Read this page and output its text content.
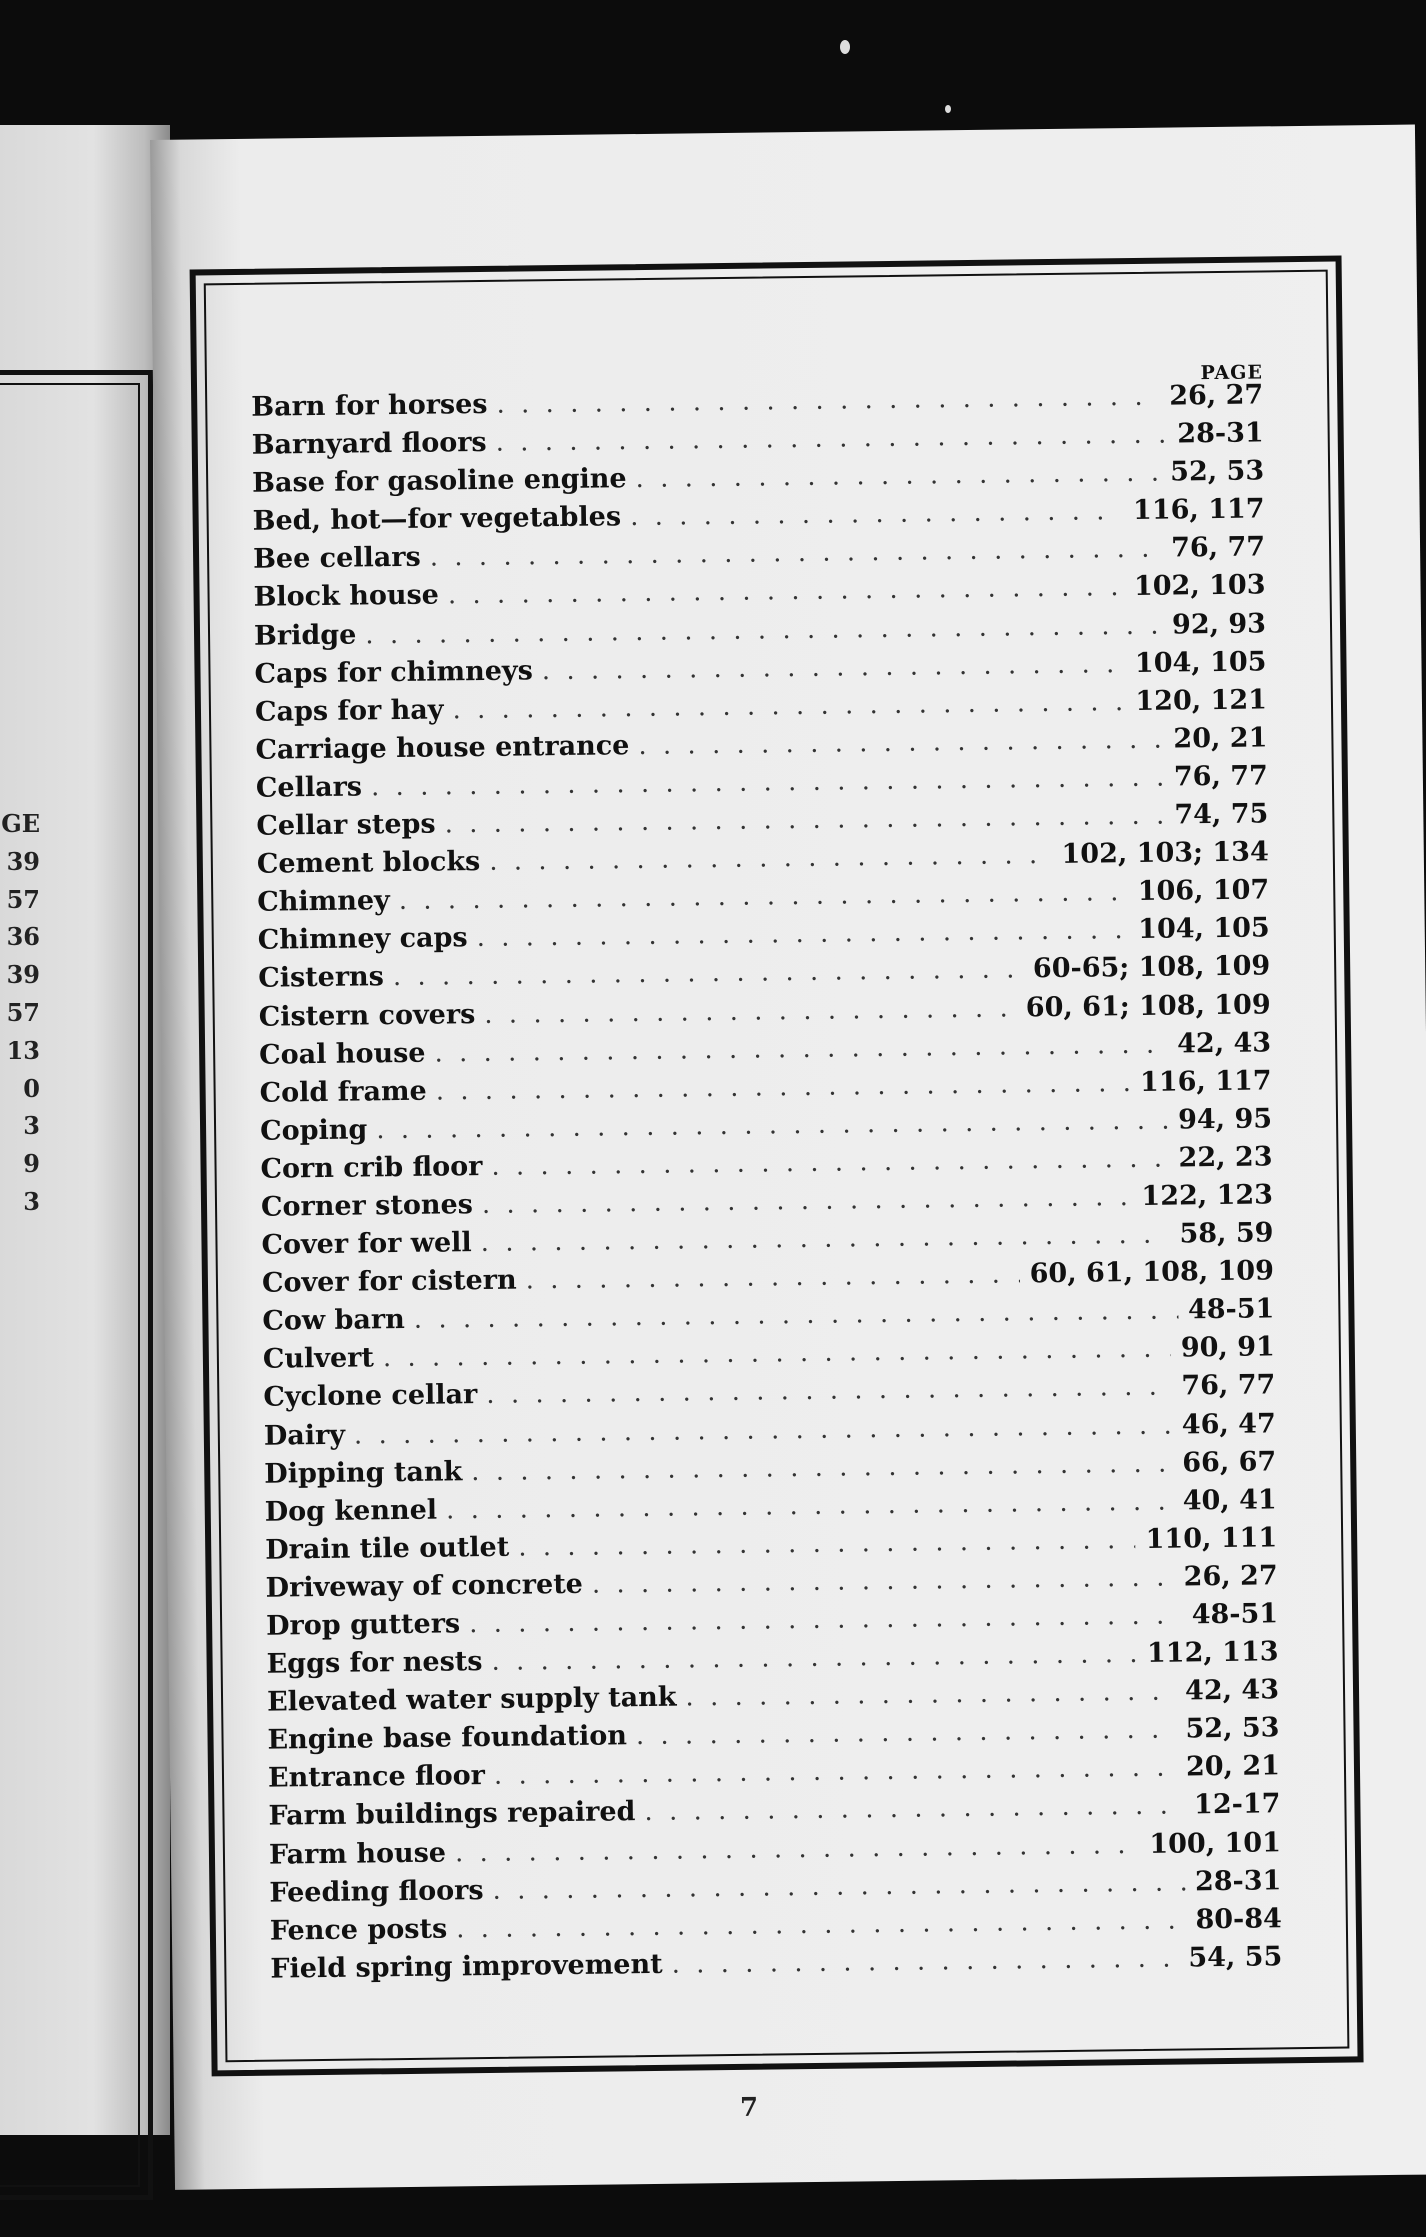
GE
39
57
36
39
57
13
0
3
9
3
PAGE
Barn for horses . . .	26, 27
Barnyard floors . . .	28-31
Base for gasoline engine . . .	52, 53
Bed, hot—for vegetables . . .	116, 117
Bee cellars . . .	76, 77
Block house . . .	102, 103
Bridge . . .	92, 93
Caps for chimneys . . .	104, 105
Caps for hay . . .	120, 121
Carriage house entrance . . .	20, 21
Cellars . . .	76, 77
Cellar steps . . .	74, 75
Cement blocks . . .	102, 103; 134
Chimney . . .	106, 107
Chimney caps . . .	104, 105
Cisterns . . .	60-65; 108, 109
Cistern covers . . .	60, 61; 108, 109
Coal house . . .	42, 43
Cold frame . . .	116, 117
Coping . . .	94, 95
Corn crib floor . . .	22, 23
Corner stones . . .	122, 123
Cover for well . . .	58, 59
Cover for cistern . . .	60, 61, 108, 109
Cow barn . . .	48-51
Culvert . . .	90, 91
Cyclone cellar . . .	76, 77
Dairy . . .	46, 47
Dipping tank . . .	66, 67
Dog kennel . . .	40, 41
Drain tile outlet . . .	110, 111
Driveway of concrete . . .	26, 27
Drop gutters . . .	48-51
Eggs for nests . . .	112, 113
Elevated water supply tank . . .	42, 43
Engine base foundation . . .	52, 53
Entrance floor . . .	20, 21
Farm buildings repaired . . .	12-17
Farm house . . .	100, 101
Feeding floors . . .	28-31
Fence posts . . .	80-84
Field spring improvement . . .	54, 55
7
